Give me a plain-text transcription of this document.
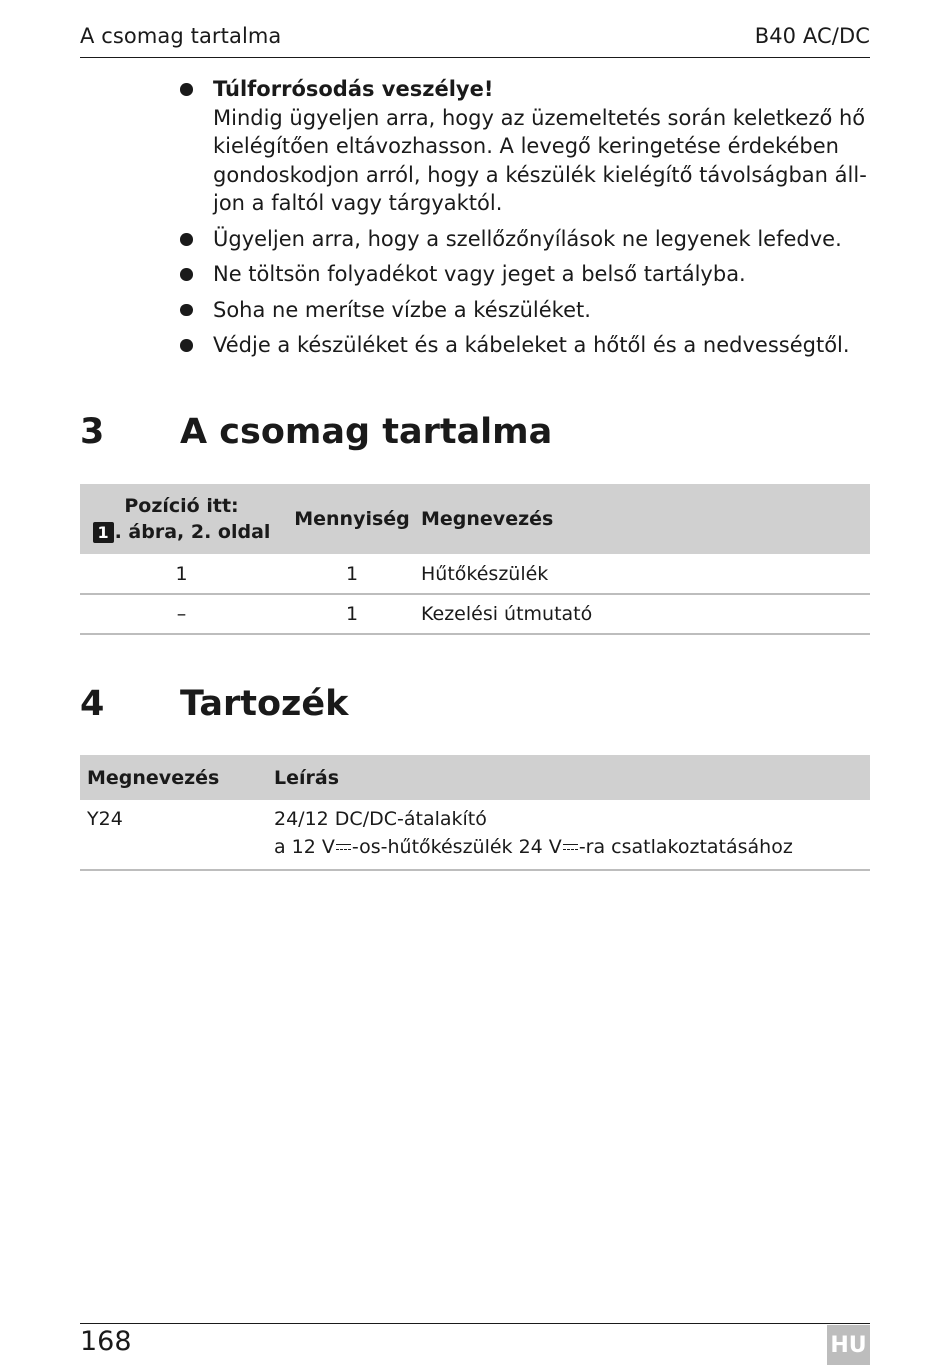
A csomag tartalma	B40 AC/DC
Túlforrósodás veszélye!
Mindig ügyeljen arra, hogy az üzemeltetés során keletkező hő kielégítően eltávozhasson. A levegő keringetése érdekében gondoskodjon arról, hogy a készülék kielégítő távolságban áll-jon a faltól vagy tárgyaktól.
Ügyeljen arra, hogy a szellőzőnyílások ne legyenek lefedve.
Ne töltsön folyadékot vagy jeget a belső tartályba.
Soha ne merítse vízbe a készüléket.
Védje a készüléket és a kábeleket a hőtől és a nedvességtől.
3	A csomag tartalma
Pozíció itt:
1 . ábra, 2. oldal	Mennyiség	Megnevezés
1	1	Hűtőkészülék
–	1	Kezelési útmutató
4	Tartozék
Megnevezés	Leírás
Y24	24/12 DC/DC-átalakító
a 12 V -os-hűtőkészülék 24 V -ra csatlakoztatásához
168	HU
